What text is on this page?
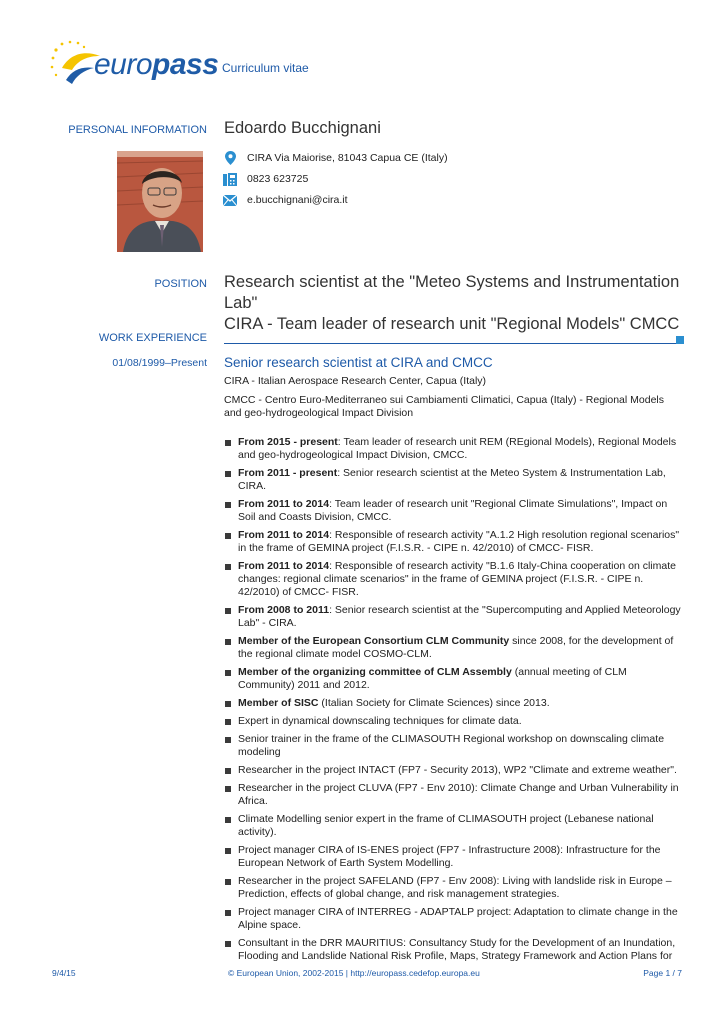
europass Curriculum vitae
PERSONAL INFORMATION Edoardo Bucchignani
CIRA Via Maiorise, 81043 Capua CE (Italy)
0823 623725
e.bucchignani@cira.it
POSITION Research scientist at the "Meteo Systems and Instrumentation Lab"
CIRA - Team leader of research unit "Regional Models" CMCC
WORK EXPERIENCE
01/08/1999–Present Senior research scientist at CIRA and CMCC
CIRA - Italian Aerospace Research Center, Capua (Italy)
CMCC - Centro Euro-Mediterraneo sui Cambiamenti Climatici, Capua (Italy) - Regional Models and geo-hydrogeological Impact Division
From 2015 - present: Team leader of research unit REM (REgional Models), Regional Models and geo-hydrogeological Impact Division, CMCC.
From 2011 - present: Senior research scientist at the Meteo System & Instrumentation Lab, CIRA.
From 2011 to 2014: Team leader of research unit "Regional Climate Simulations", Impact on Soil and Coasts Division, CMCC.
From 2011 to 2014: Responsible of research activity "A.1.2 High resolution regional scenarios" in the frame of GEMINA project (F.I.S.R. - CIPE n. 42/2010) of CMCC- FISR.
From 2011 to 2014: Responsible of research activity "B.1.6 Italy-China cooperation on climate changes: regional climate scenarios" in the frame of GEMINA project (F.I.S.R. - CIPE n. 42/2010) of CMCC- FISR.
From 2008 to 2011: Senior research scientist at the "Supercomputing and Applied Meteorology Lab" - CIRA.
Member of the European Consortium CLM Community since 2008, for the development of the regional climate model COSMO-CLM.
Member of the organizing committee of CLM Assembly (annual meeting of CLM Community) 2011 and 2012.
Member of SISC (Italian Society for Climate Sciences) since 2013.
Expert in dynamical downscaling techniques for climate data.
Senior trainer in the frame of the CLIMASOUTH Regional workshop on downscaling climate modeling
Researcher in the project INTACT (FP7 - Security 2013), WP2 "Climate and extreme weather".
Researcher in the project CLUVA (FP7 - Env 2010): Climate Change and Urban Vulnerability in Africa.
Climate Modelling senior expert in the frame of CLIMASOUTH project (Lebanese national activity).
Project manager CIRA of IS-ENES project (FP7 - Infrastructure 2008): Infrastructure for the European Network of Earth System Modelling.
Researcher in the project SAFELAND (FP7 - Env 2008): Living with landslide risk in Europe – Prediction, effects of global change, and risk management strategies.
Project manager CIRA of INTERREG - ADAPTALP project: Adaptation to climate change in the Alpine space.
Consultant in the DRR MAURITIUS: Consultancy Study for the Development of an Inundation, Flooding and Landslide National Risk Profile, Maps, Strategy Framework and Action Plans for
9/4/15	© European Union, 2002-2015 | http://europass.cedefop.europa.eu	Page 1 / 7
